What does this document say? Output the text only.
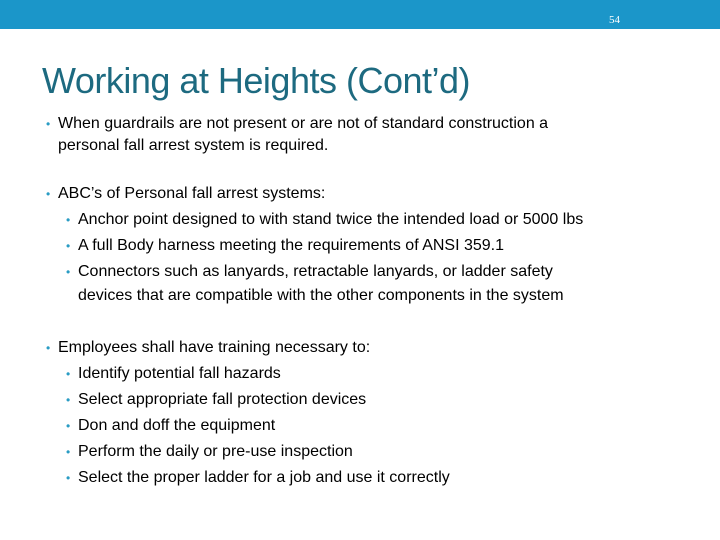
54
Working at Heights (Cont’d)
• When guardrails are not present or are not of standard construction a
personal fall arrest system is required.
• ABC’s of Personal fall arrest systems:
• Anchor point designed to with stand twice the intended load or 5000 lbs
• A full Body harness meeting the requirements of ANSI 359.1
• Connectors such as lanyards, retractable lanyards, or ladder safety
devices that are compatible with the other components in the system
• Employees shall have training necessary to:
• Identify potential fall hazards
• Select appropriate fall protection devices
• Don and doff the equipment
• Perform the daily or pre-use inspection
• Select the proper ladder for a job and use it correctly
